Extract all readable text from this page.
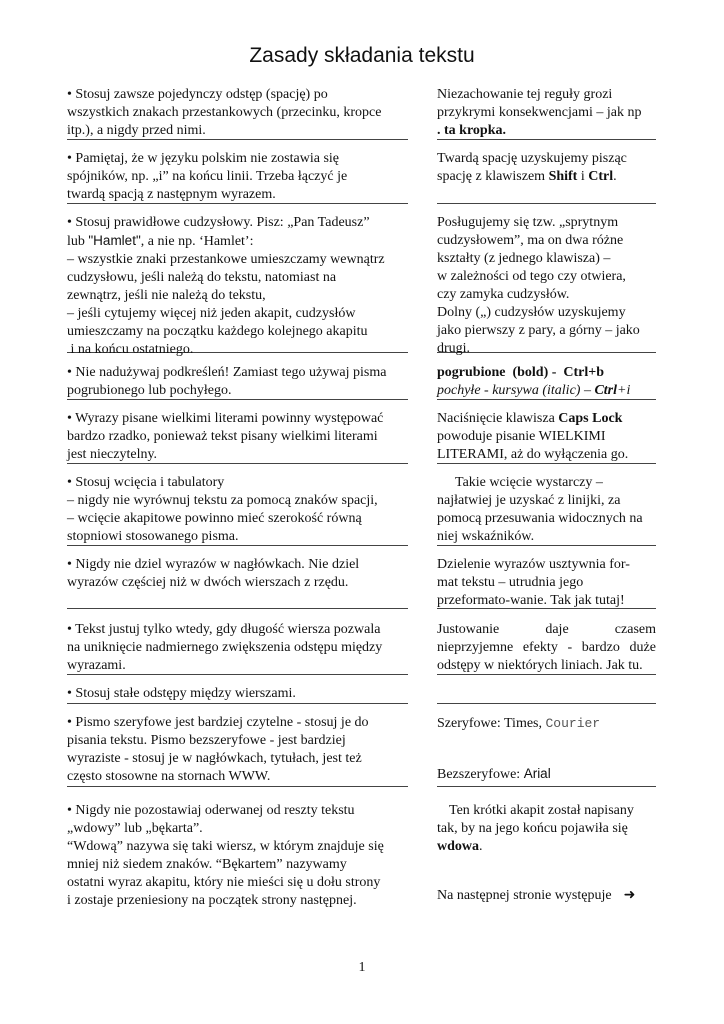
Zasady składania tekstu

• Stosuj zawsze pojedynczy odstęp (spację) po
wszystkich znakach przestankowych (przecinku, kropce
itp.), a nigdy przed nimi.

Niezachowanie tej reguły grozi
przykrymi konsekwencjami – jak np
. ta kropka.

• Pamiętaj, że w języku polskim nie zostawia się
spójników, np. „i” na końcu linii. Trzeba łączyć je
twardą spacją z następnym wyrazem.

Twardą spację uzyskujemy pisząc
spację z klawiszem Shift i Ctrl.

• Stosuj prawidłowe cudzysłowy. Pisz: „Pan Tadeusz”
lub "Hamlet", a nie np. ‘Hamlet’:
– wszystkie znaki przestankowe umieszczamy wewnątrz
cudzysłowu, jeśli należą do tekstu, natomiast na
zewnątrz, jeśli nie należą do tekstu,
– jeśli cytujemy więcej niż jeden akapit, cudzysłów
umieszczamy na początku każdego kolejnego akapitu
i na końcu ostatniego.

Posługujemy się tzw. „sprytnym
cudzysłowem”, ma on dwa różne
kształty (z jednego klawisza) –
w zależności od tego czy otwiera,
czy zamyka cudzysłów.
Dolny („) cudzysłów uzyskujemy
jako pierwszy z pary, a górny – jako
drugi.

• Nie nadużywaj podkreśleń! Zamiast tego używaj pisma
pogrubionego lub pochyłego.

pogrubione  (bold) -  Ctrl+b
pochyłe - kursywa (italic) – Ctrl+i

• Wyrazy pisane wielkimi literami powinny występować
bardzo rzadko, ponieważ tekst pisany wielkimi literami
jest nieczytelny.

Naciśnięcie klawisza Caps Lock
powoduje pisanie WIELKIMI
LITERAMI, aż do wyłączenia go.

• Stosuj wcięcia i tabulatory
– nigdy nie wyrównuj tekstu za pomocą znaków spacji,
– wcięcie akapitowe powinno mieć szerokość równą
stopniowi stosowanego pisma.

Takie wcięcie wystarczy –
najłatwiej je uzyskać z linijki, za
pomocą przesuwania widocznych na
niej wskaźników.

• Nigdy nie dziel wyrazów w nagłówkach. Nie dziel
wyrazów częściej niż w dwóch wierszach z rzędu.

Dzielenie wyrazów usztywnia for-
mat tekstu – utrudnia jego
przeformato-wanie. Tak jak tutaj!

• Tekst justuj tylko wtedy, gdy długość wiersza pozwala
na uniknięcie nadmiernego zwiększenia odstępu między
wyrazami.

Justowanie daje czasem
nieprzyjemne efekty - bardzo duże
odstępy w niektórych liniach. Jak tu.

• Stosuj stałe odstępy między wierszami.

• Pismo szeryfowe jest bardziej czytelne - stosuj je do
pisania tekstu. Pismo bezszeryfowe - jest bardziej
wyraziste - stosuj je w nagłówkach, tytułach, jest też
często stosowne na stornach WWW.

Szeryfowe: Times, Courier

Bezszeryfowe: Arial

• Nigdy nie pozostawiaj oderwanej od reszty tekstu
„wdowy” lub „bękarta”.
“Wdową” nazywa się taki wiersz, w którym znajduje się
mniej niż siedem znaków. “Bękartem” nazywamy
ostatni wyraz akapitu, który nie mieści się u dołu strony
i zostaje przeniesiony na początek strony następnej.

Ten krótki akapit został napisany
tak, by na jego końcu pojawiła się
wdowa.

Na następnej stronie występuje ➜

1
